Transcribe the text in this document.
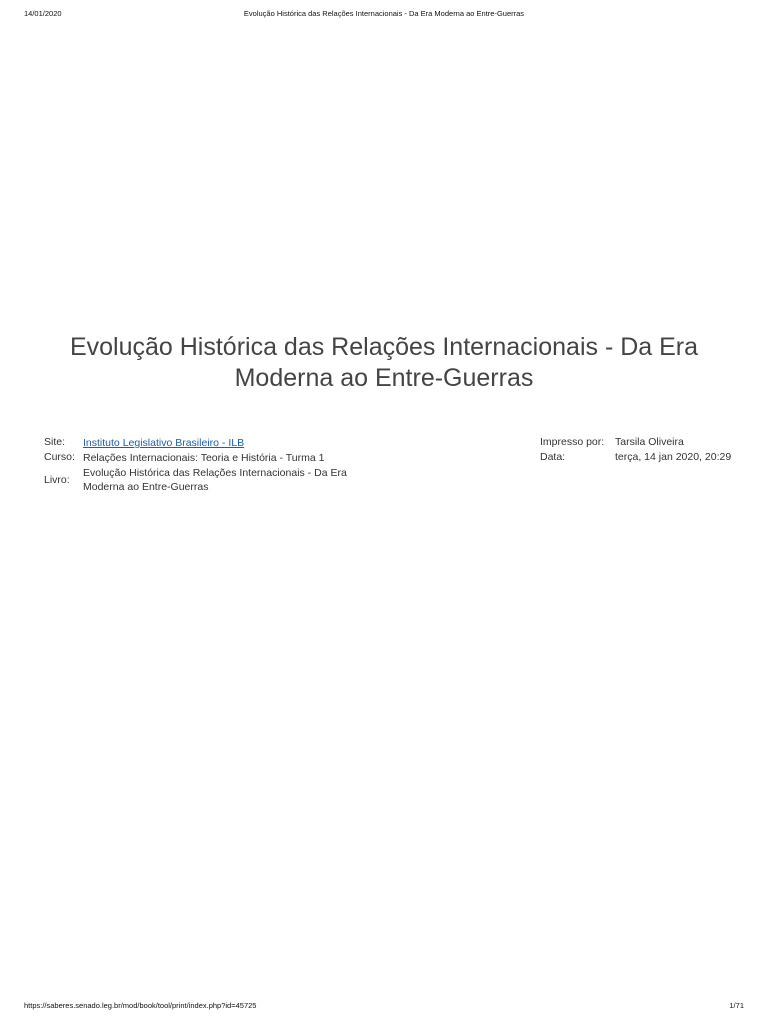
14/01/2020	Evolução Histórica das Relações Internacionais - Da Era Moderna ao Entre-Guerras
Evolução Histórica das Relações Internacionais - Da Era Moderna ao Entre-Guerras
Site: Instituto Legislativo Brasileiro - ILB	Impresso por: Tarsila Oliveira
Curso: Relações Internacionais: Teoria e História - Turma 1	Data:	terça, 14 jan 2020, 20:29
Livro:
Evolução Histórica das Relações Internacionais - Da Era Moderna ao Entre-Guerras
https://saberes.senado.leg.br/mod/book/tool/print/index.php?id=45725	1/71
